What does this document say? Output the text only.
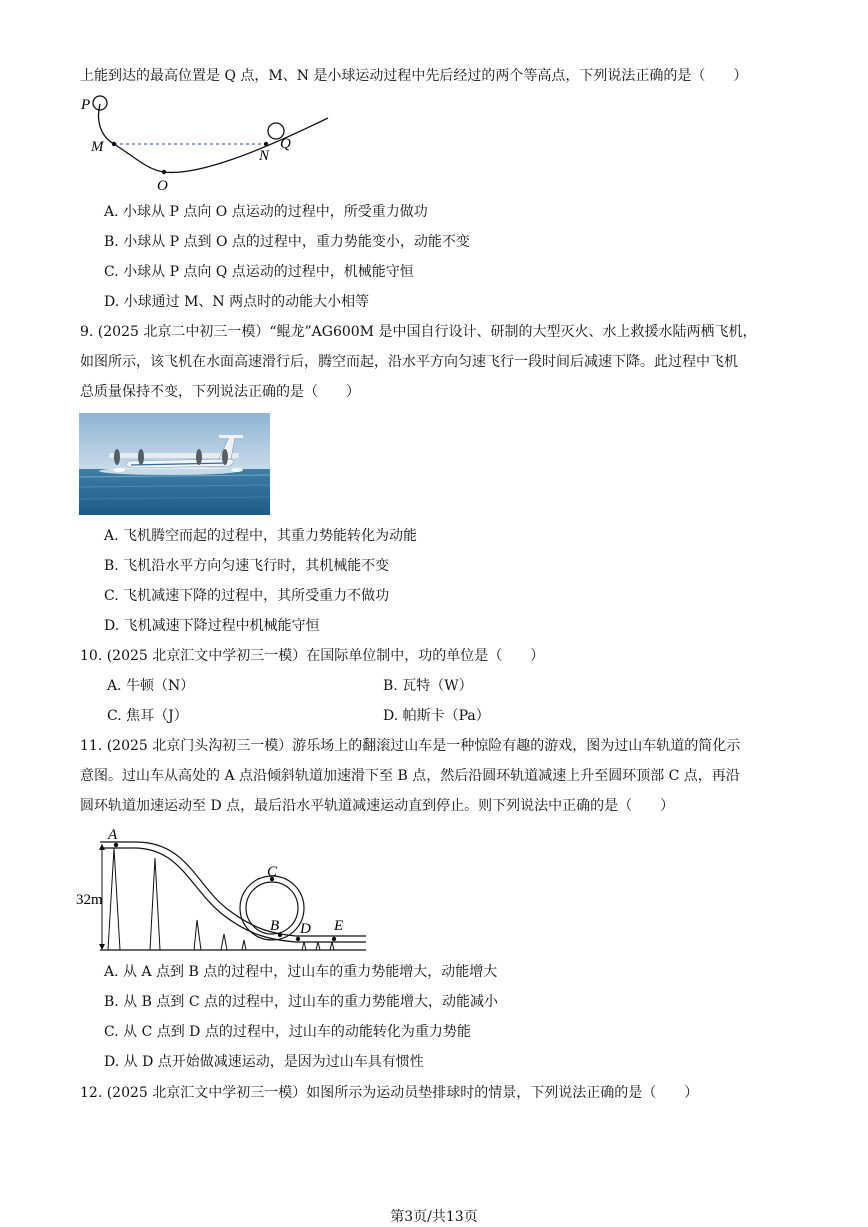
上能到达的最高位置是 Q 点，M、N 是小球运动过程中先后经过的两个等高点，下列说法正确的是（　　）
P
M
O
N
Q
A. 小球从 P 点向 O 点运动的过程中，所受重力做功
B. 小球从 P 点到 O 点的过程中，重力势能变小，动能不变
C. 小球从 P 点向 Q 点运动的过程中，机械能守恒
D. 小球通过 M、N 两点时的动能大小相等
9. (2025 北京二中初三一模）“鲲龙”AG600M 是中国自行设计、研制的大型灭火、水上救援水陆两栖飞机，
如图所示，该飞机在水面高速滑行后，腾空而起，沿水平方向匀速飞行一段时间后减速下降。此过程中飞机
总质量保持不变，下列说法正确的是（　　）
A. 飞机腾空而起的过程中，其重力势能转化为动能
B. 飞机沿水平方向匀速飞行时，其机械能不变
C. 飞机减速下降的过程中，其所受重力不做功
D. 飞机减速下降过程中机械能守恒
10. (2025 北京汇文中学初三一模）在国际单位制中，功的单位是（　　）
A. 牛顿（N）	B. 瓦特（W）
C. 焦耳（J）	D. 帕斯卡（Pa）
11. (2025 北京门头沟初三一模）游乐场上的翻滚过山车是一种惊险有趣的游戏，图为过山车轨道的简化示
意图。过山车从高处的 A 点沿倾斜轨道加速滑下至 B 点，然后沿圆环轨道减速上升至圆环顶部 C 点，再沿
圆环轨道加速运动至 D 点，最后沿水平轨道减速运动直到停止。则下列说法中正确的是（　　）
A
C
B D E
32m
A. 从 A 点到 B 点的过程中，过山车的重力势能增大，动能增大
B. 从 B 点到 C 点的过程中，过山车的重力势能增大，动能减小
C. 从 C 点到 D 点的过程中，过山车的动能转化为重力势能
D. 从 D 点开始做减速运动，是因为过山车具有惯性
12. (2025 北京汇文中学初三一模）如图所示为运动员垫排球时的情景，下列说法正确的是（　　）
第3页/共13页
